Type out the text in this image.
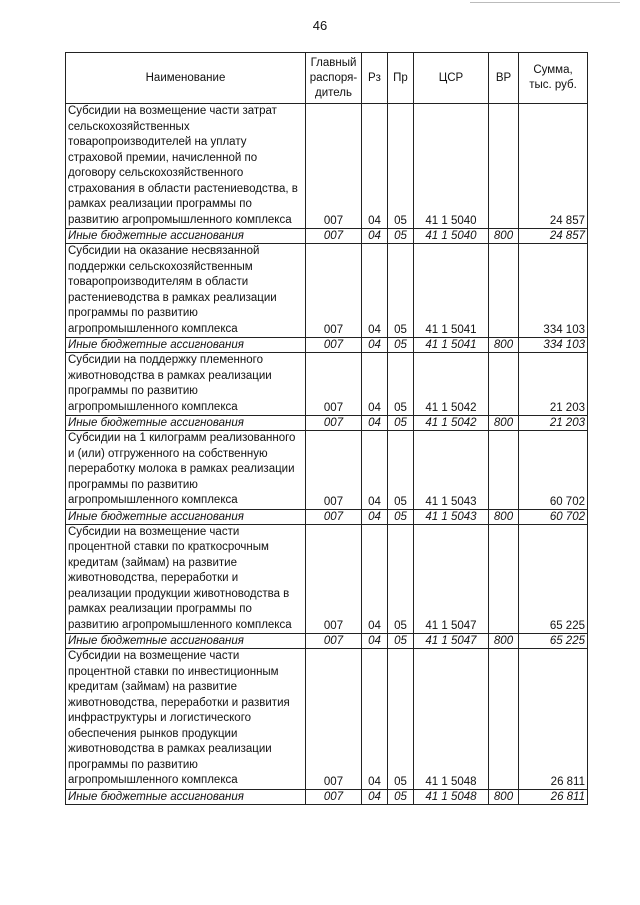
46
Наименование	Главный распоря-дитель	Рз	Пр	ЦСР	ВР	Сумма, тыс. руб.
Субсидии на возмещение части затрат сельскохозяйственных товаропроизводителей на уплату страховой премии, начисленной по договору сельскохозяйственного страхования в области растениеводства, в рамках реализации программы по развитию агропромышленного комплекса	007	04	05	41 1 5040		24 857
Иные бюджетные ассигнования	007	04	05	41 1 5040	800	24 857
Субсидии на оказание несвязанной поддержки сельскохозяйственным товаропроизводителям в области растениеводства в рамках реализации программы по развитию агропромышленного комплекса	007	04	05	41 1 5041		334 103
Иные бюджетные ассигнования	007	04	05	41 1 5041	800	334 103
Субсидии на поддержку племенного животноводства в рамках реализации программы по развитию агропромышленного комплекса	007	04	05	41 1 5042		21 203
Иные бюджетные ассигнования	007	04	05	41 1 5042	800	21 203
Субсидии на 1 килограмм реализованного и (или) отгруженного на собственную переработку молока в рамках реализации программы по развитию агропромышленного комплекса	007	04	05	41 1 5043		60 702
Иные бюджетные ассигнования	007	04	05	41 1 5043	800	60 702
Субсидии на возмещение части процентной ставки по краткосрочным кредитам (займам) на развитие животноводства, переработки и реализации продукции животноводства в рамках реализации программы по развитию агропромышленного комплекса	007	04	05	41 1 5047		65 225
Иные бюджетные ассигнования	007	04	05	41 1 5047	800	65 225
Субсидии на возмещение части процентной ставки по инвестиционным кредитам (займам) на развитие животноводства, переработки и развития инфраструктуры и логистического обеспечения рынков продукции животноводства в рамках реализации программы по развитию агропромышленного комплекса	007	04	05	41 1 5048		26 811
Иные бюджетные ассигнования	007	04	05	41 1 5048	800	26 811
